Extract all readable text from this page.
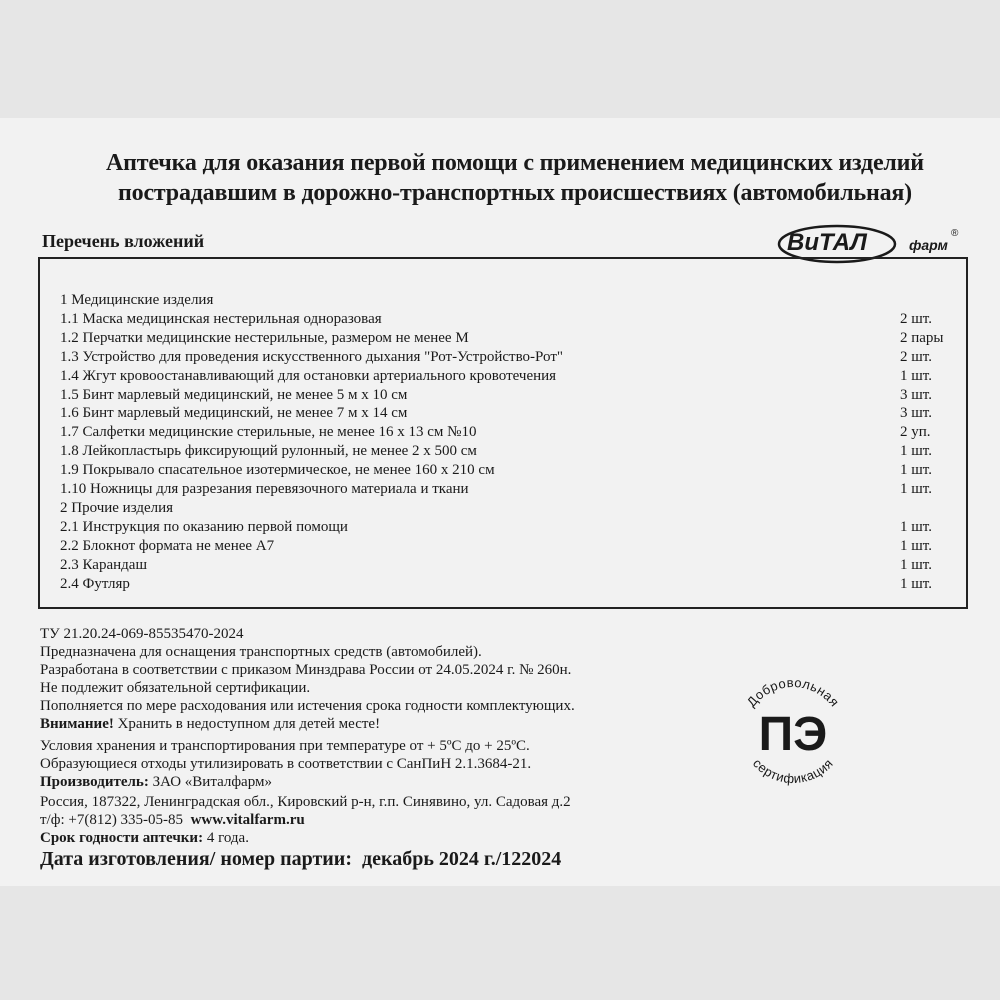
Аптечка для оказания первой помощи с применением медицинских изделий
пострадавшим в дорожно-транспортных происшествиях (автомобильная)
Перечень вложений	ВиТАЛ	фарм
®
1 Медицинские изделия
1.1 Маска медицинская нестерильная одноразовая	2 шт.
1.2 Перчатки медицинские нестерильные, размером не менее М	2 пары
1.3 Устройство для проведения искусственного дыхания "Рот-Устройство-Рот"	2 шт.
1.4 Жгут кровоостанавливающий для остановки артериального кровотечения	1 шт.
1.5 Бинт марлевый медицинский, не менее 5 м х 10 см	3 шт.
1.6 Бинт марлевый медицинский, не менее 7 м х 14 см	3 шт.
1.7 Салфетки медицинские стерильные, не менее 16 х 13 см №10	2 уп.
1.8 Лейкопластырь фиксирующий рулонный, не менее 2 х 500 см	1 шт.
1.9 Покрывало спасательное изотермическое, не менее 160 х 210 см	1 шт.
1.10 Ножницы для разрезания перевязочного материала и ткани	1 шт.
2 Прочие изделия
2.1 Инструкция по оказанию первой помощи	1 шт.
2.2 Блокнот формата не менее А7	1 шт.
2.3 Карандаш	1 шт.
2.4 Футляр	1 шт.
ТУ 21.20.24-069-85535470-2024
Предназначена для оснащения транспортных средств (автомобилей).
Разработана в соответствии с приказом Минздрава России от 24.05.2024 г. № 260н.
Не подлежит обязательной сертификации.
Пополняется по мере расходования или истечения срока годности комплектующих.
Внимание! Хранить в недоступном для детей месте!
Условия хранения и транспортирования при температуре от + 5ºС до + 25ºС.
Образующиеся отходы утилизировать в соответствии с СанПиН 2.1.3684-21.
Производитель: ЗАО «Виталфарм»
Россия, 187322, Ленинградская обл., Кировский р-н, г.п. Синявино, ул. Садовая д.2
т/ф: +7(812) 335-05-85 www.vitalfarm.ru
Срок годности аптечки: 4 года.
Дата изготовления/ номер партии: декабрь 2024 г./122024
Добровольная
сертификация
ПЭ
